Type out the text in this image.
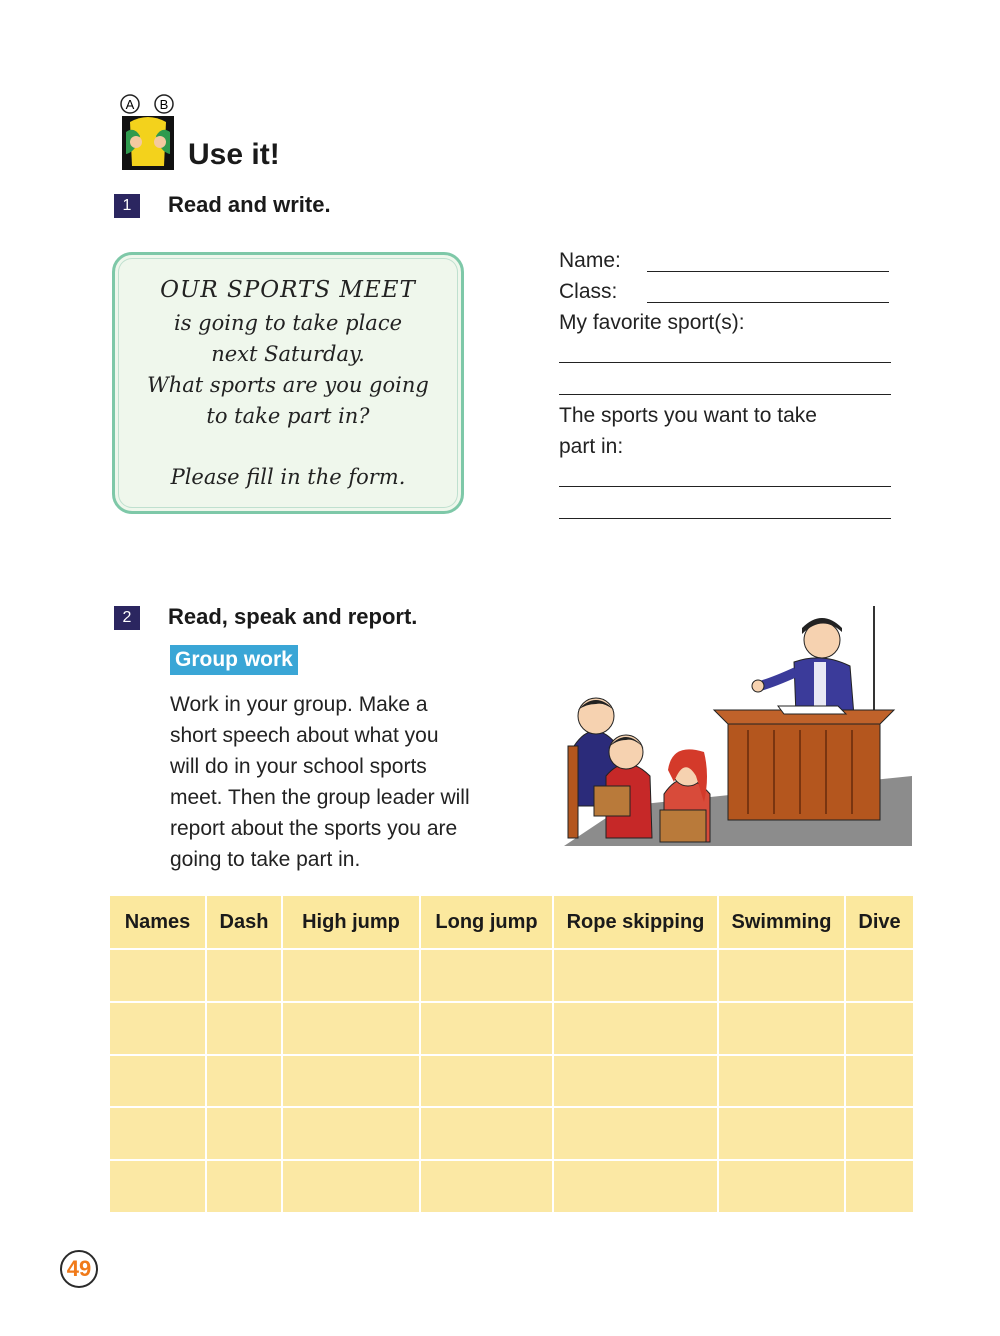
A B
Use it!
1	Read and write.
OUR SPORTS MEET
is going to take place
next Saturday.
What sports are you going
to take part in?
Please fill in the form.
Name:
Class:
My favorite sport(s):
The sports you want to take
part in:
2	Read, speak and report.
Group work
Work in your group. Make a
short speech about what you
will do in your school sports
meet. Then the group leader will
report about the sports you are
going to take part in.
Names	Dash	High jump	Long jump	Rope skipping	Swimming	Dive

49
